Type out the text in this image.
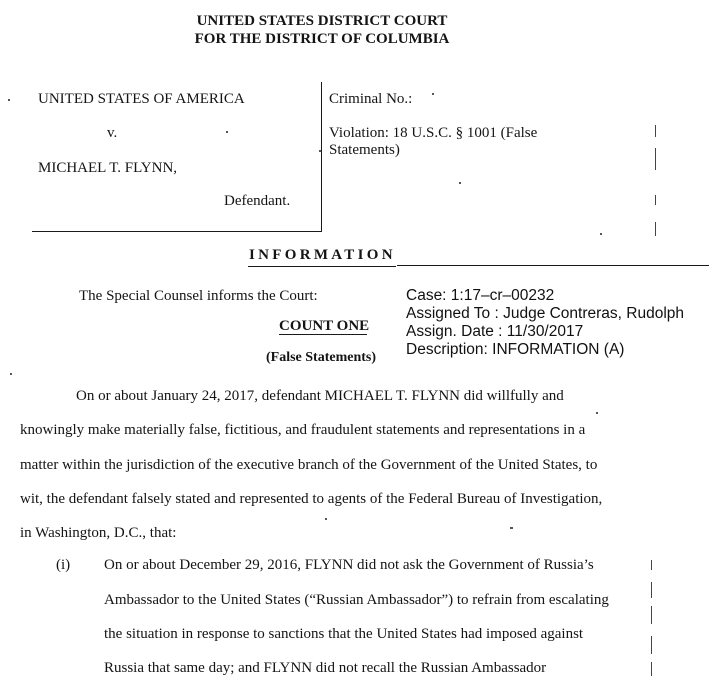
UNITED STATES DISTRICT COURT
FOR THE DISTRICT OF COLUMBIA
UNITED STATES OF AMERICA
v.
MICHAEL T. FLYNN,
Defendant.
Criminal No.:
Violation: 18 U.S.C. § 1001 (False
Statements)
INFORMATION
The Special Counsel informs the Court:
COUNT ONE
(False Statements)
Case: 1:17–cr–00232
Assigned To : Judge Contreras, Rudolph
Assign. Date : 11/30/2017
Description: INFORMATION (A)
On or about January 24, 2017, defendant MICHAEL T. FLYNN did willfully and
knowingly make materially false, fictitious, and fraudulent statements and representations in a
matter within the jurisdiction of the executive branch of the Government of the United States, to
wit, the defendant falsely stated and represented to agents of the Federal Bureau of Investigation,
in Washington, D.C., that:
(i) On or about December 29, 2016, FLYNN did not ask the Government of Russia’s
Ambassador to the United States (“Russian Ambassador”) to refrain from escalating
the situation in response to sanctions that the United States had imposed against
Russia that same day; and FLYNN did not recall the Russian Ambassador
